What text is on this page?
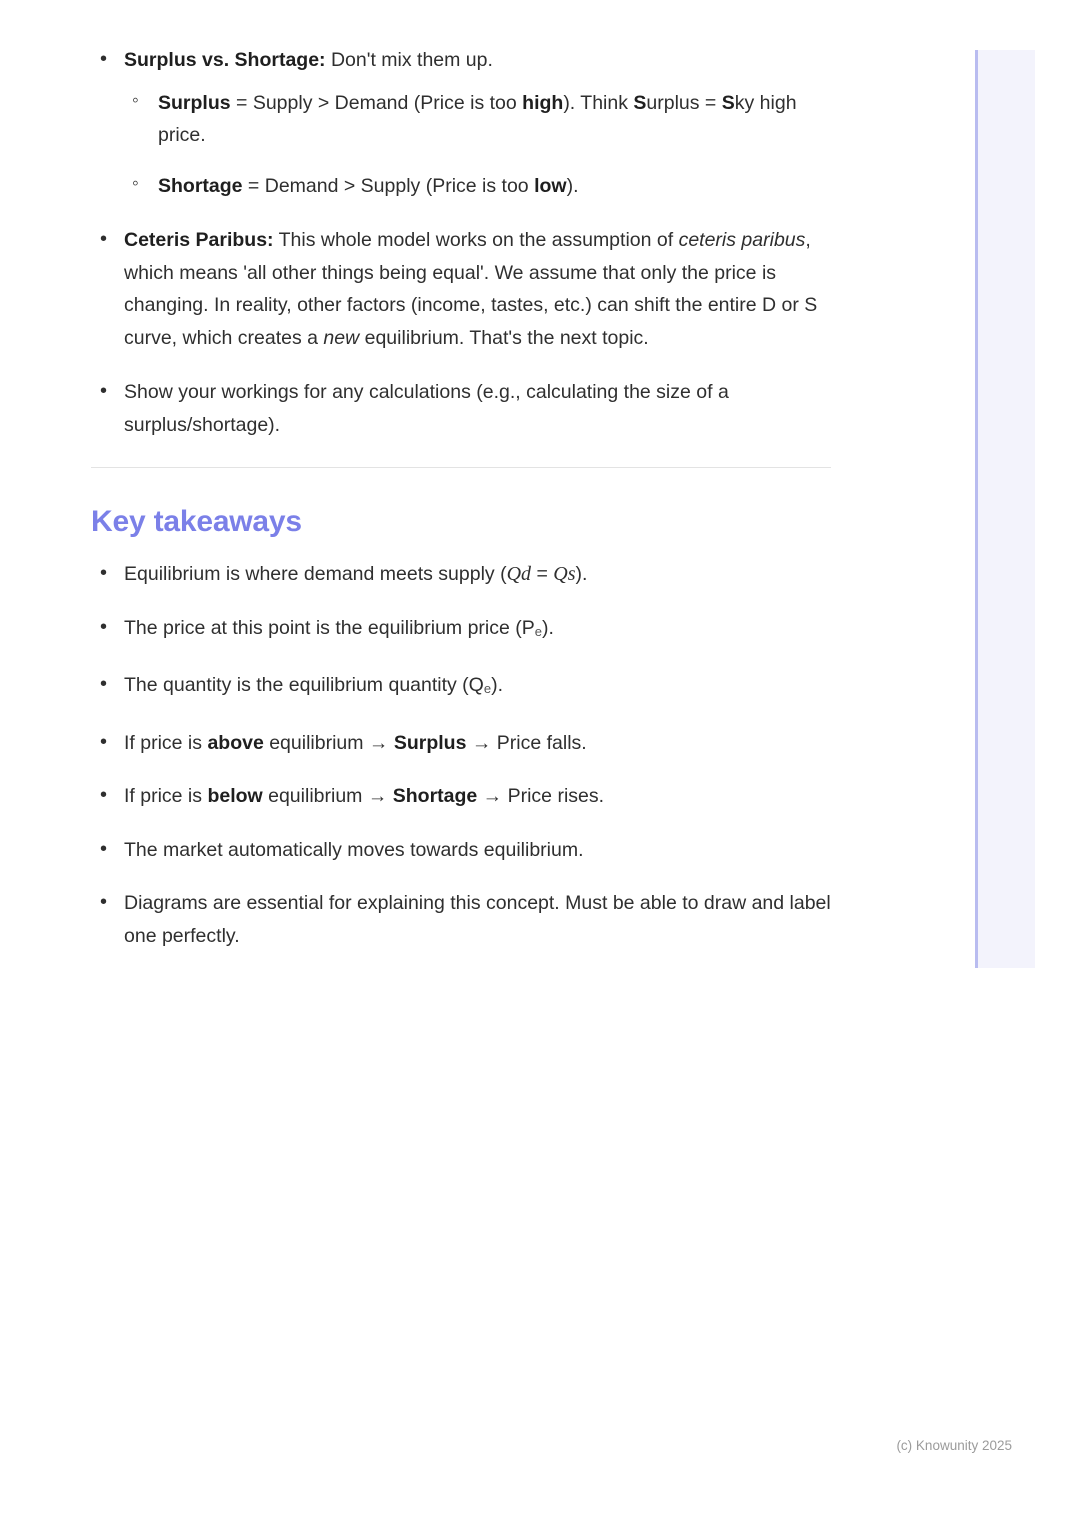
• Surplus vs. Shortage: Don't mix them up.
◦ Surplus = Supply > Demand (Price is too high). Think Surplus = Sky high price.
◦ Shortage = Demand > Supply (Price is too low).
• Ceteris Paribus: This whole model works on the assumption of ceteris paribus, which means 'all other things being equal'. We assume that only the price is changing. In reality, other factors (income, tastes, etc.) can shift the entire D or S curve, which creates a new equilibrium. That's the next topic.
• Show your workings for any calculations (e.g., calculating the size of a surplus/shortage).
Key takeaways
• Equilibrium is where demand meets supply (Qd = Qs).
• The price at this point is the equilibrium price (Pe).
• The quantity is the equilibrium quantity (Qe).
• If price is above equilibrium → Surplus → Price falls.
• If price is below equilibrium → Shortage → Price rises.
• The market automatically moves towards equilibrium.
• Diagrams are essential for explaining this concept. Must be able to draw and label one perfectly.
(c) Knowunity 2025
